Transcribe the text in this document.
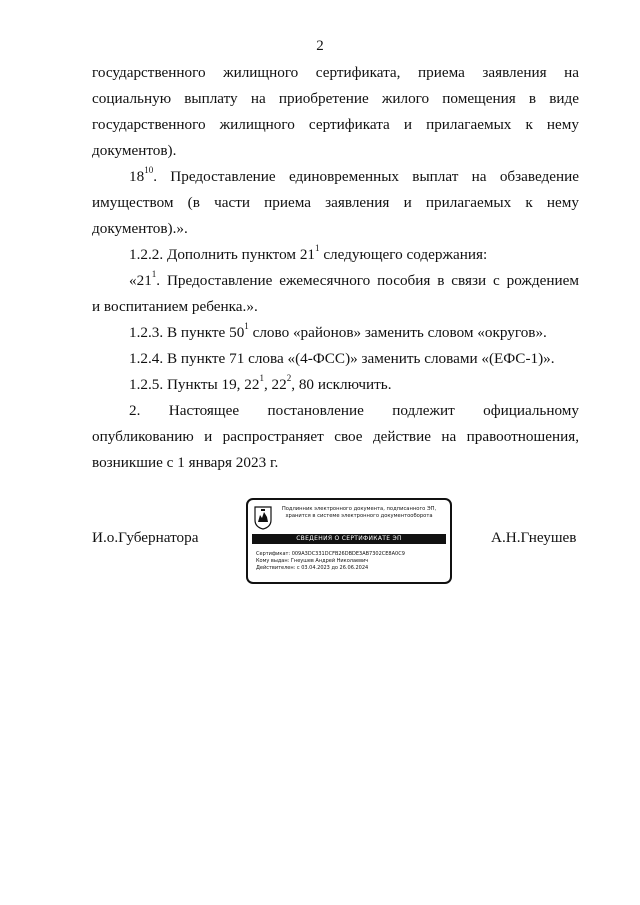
2
государственного жилищного сертификата, приема заявления на
социальную выплату на приобретение жилого помещения в виде
государственного жилищного сертификата и прилагаемых к нему
документов).
$18^{10}$. Предоставление единовременных выплат на обзаведение
имуществом (в части приема заявления и прилагаемых к нему
документов).».
1.2.2. Дополнить пунктом $21^1$ следующего содержания:
«$21^1$. Предоставление ежемесячного пособия в связи с рождением
и воспитанием ребенка.».
1.2.3. В пункте $50^1$ слово «районов» заменить словом «округов».
1.2.4. В пункте 71 слова «(4-ФСС)» заменить словами «(ЕФС-1)».
1.2.5. Пункты 19, $22^1$, $22^2$, 80 исключить.
2. Настоящее постановление подлежит официальному
опубликованию и распространяет свое действие на правоотношения,
возникшие с 1 января 2023 г.
И.о.Губернатора	А.Н.Гнеушев
Подлинник электронного документа, подписанного ЭП,
хранится в системе электронного документооборота
СВЕДЕНИЯ О СЕРТИФИКАТЕ ЭП
Сертификат: 009A3DC331DCFB26DBDE3AB7302CE8A0C9
Кому выдан: Гнеушев Андрей Николаевич
Действителен: с 03.04.2023 до 26.06.2024
